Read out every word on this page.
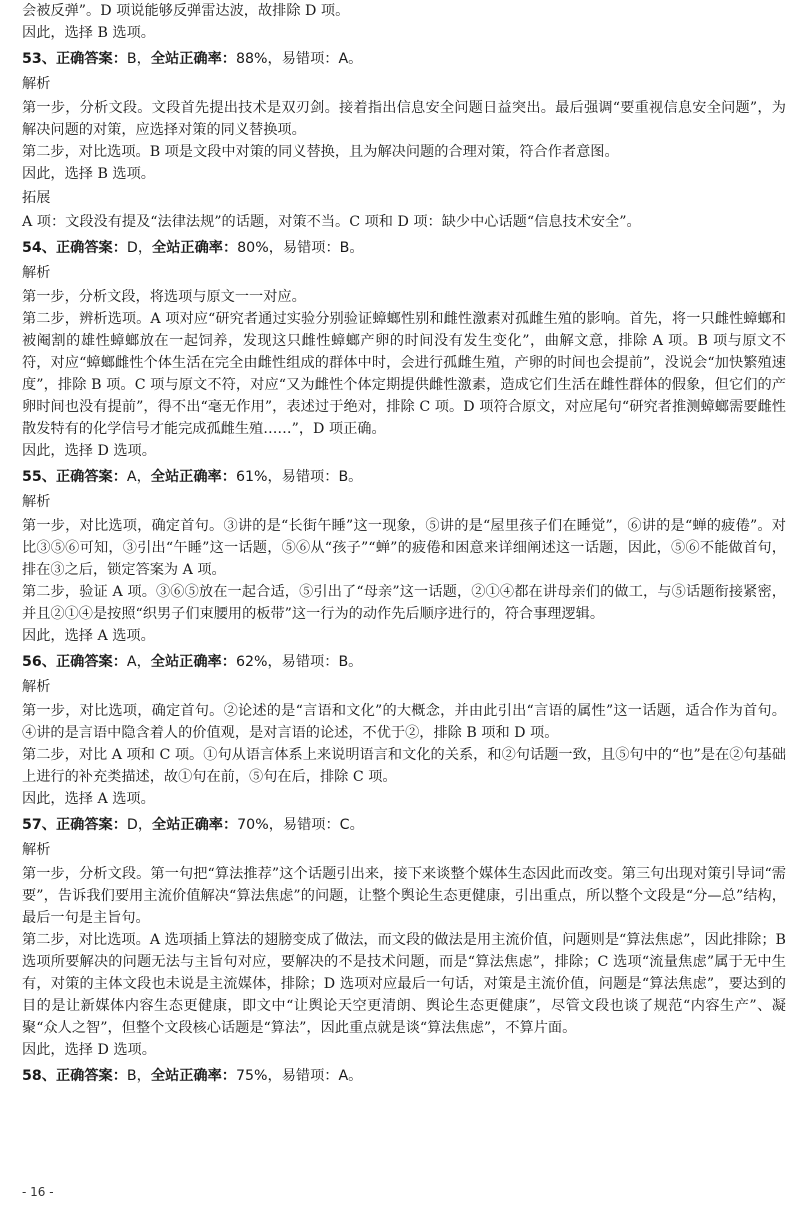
会被反弹”。D 项说能够反弹雷达波，故排除 D 项。
因此，选择 B 选项。
53、正确答案：B，全站正确率：88%，易错项：A。
解析

第一步，分析文段。文段首先提出技术是双刃剑。接着指出信息安全问题日益突出。最后强调“要重视信息安全问题”，为解决问题的对策，应选择对策的同义替换项。

第二步，对比选项。B 项是文段中对策的同义替换，且为解决问题的合理对策，符合作者意图。

因此，选择 B 选项。

拓展

A 项：文段没有提及“法律法规”的话题，对策不当。C 项和 D 项：缺少中心话题“信息技术安全”。

54、正确答案：D，全站正确率：80%，易错项：B。
解析

第一步，分析文段，将选项与原文一一对应。

第二步，辨析选项。A 项对应“研究者通过实验分别验证蟑螂性别和雌性激素对孤雌生殖的影响。首先，将一只雌性蟑螂和被阉割的雄性蟑螂放在一起饲养，发现这只雌性蟑螂产卵的时间没有发生变化”，曲解文意，排除 A 项。B 项与原文不符，对应“蟑螂雌性个体生活在完全由雌性组成的群体中时，会进行孤雌生殖，产卵的时间也会提前”，没说会“加快繁殖速度”，排除 B 项。C 项与原文不符，对应“又为雌性个体定期提供雌性激素，造成它们生活在雌性群体的假象，但它们的产卵时间也没有提前”，得不出“毫无作用”，表述过于绝对，排除 C 项。D 项符合原文，对应尾句“研究者推测蟑螂需要雌性散发特有的化学信号才能完成孤雌生殖……”，D 项正确。

因此，选择 D 选项。

55、正确答案：A，全站正确率：61%，易错项：B。
解析

第一步，对比选项，确定首句。③讲的是“长街午睡”这一现象，⑤讲的是“屋里孩子们在睡觉”，⑥讲的是“蝉的疲倦”。对比③⑤⑥可知，③引出“午睡”这一话题，⑤⑥从“孩子”“蝉”的疲倦和困意来详细阐述这一话题，因此，⑤⑥不能做首句，排在③之后，锁定答案为 A 项。

第二步，验证 A 项。③⑥⑤放在一起合适，⑤引出了“母亲”这一话题，②①④都在讲母亲们的做工，与⑤话题衔接紧密，并且②①④是按照“织男子们束腰用的板带”这一行为的动作先后顺序进行的，符合事理逻辑。

因此，选择 A 选项。

56、正确答案：A，全站正确率：62%，易错项：B。
解析

第一步，对比选项，确定首句。②论述的是“言语和文化”的大概念，并由此引出“言语的属性”这一话题，适合作为首句。④讲的是言语中隐含着人的价值观，是对言语的论述，不优于②，排除 B 项和 D 项。

第二步，对比 A 项和 C 项。①句从语言体系上来说明语言和文化的关系，和②句话题一致，且⑤句中的“也”是在②句基础上进行的补充类描述，故①句在前，⑤句在后，排除 C 项。

因此，选择 A 选项。

57、正确答案：D，全站正确率：70%，易错项：C。
解析

第一步，分析文段。第一句把“算法推荐”这个话题引出来，接下来谈整个媒体生态因此而改变。第三句出现对策引导词“需要”，告诉我们要用主流价值解决“算法焦虑”的问题，让整个舆论生态更健康，引出重点，所以整个文段是“分—总”结构，最后一句是主旨句。

第二步，对比选项。A 选项插上算法的翅膀变成了做法，而文段的做法是用主流价值，问题则是“算法焦虑”，因此排除；B 选项所要解决的问题无法与主旨句对应，要解决的不是技术问题，而是“算法焦虑”，排除；C 选项“流量焦虑”属于无中生有，对策的主体文段也未说是主流媒体，排除；D 选项对应最后一句话，对策是主流价值，问题是“算法焦虑”，要达到的目的是让新媒体内容生态更健康，即文中“让舆论天空更清朗、舆论生态更健康”，尽管文段也谈了规范“内容生产”、凝聚“众人之智”，但整个文段核心话题是“算法”，因此重点就是谈“算法焦虑”，不算片面。

因此，选择 D 选项。

58、正确答案：B，全站正确率：75%，易错项：A。
- 16 -
